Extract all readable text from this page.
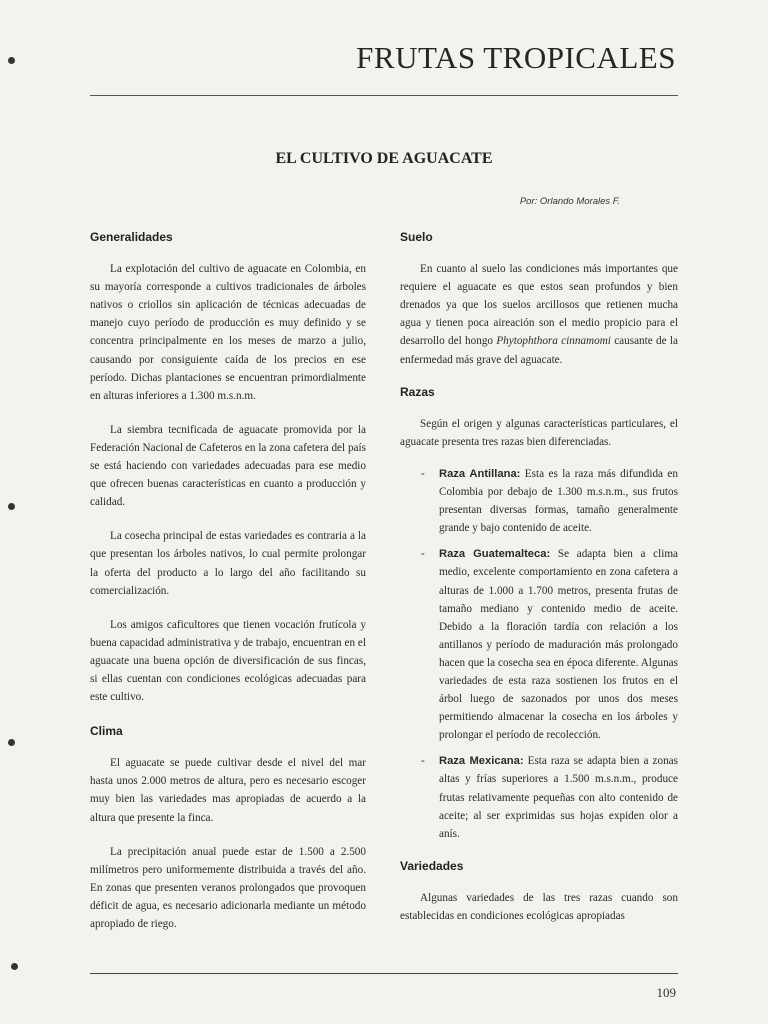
FRUTAS TROPICALES
EL CULTIVO DE AGUACATE
Por: Orlando Morales F.
Generalidades

La explotación del cultivo de aguacate en Colombia, en su mayoría corresponde a cultivos tradicionales de árboles nativos o criollos sin aplicación de técnicas adecuadas de manejo cuyo período de producción es muy definido y se concentra principalmente en los meses de marzo a julio, causando por consiguiente caída de los precios en ese período. Dichas plantaciones se encuentran primordialmente en alturas inferiores a 1.300 m.s.n.m.

La siembra tecnificada de aguacate promovida por la Federación Nacional de Cafeteros en la zona cafetera del país se está haciendo con variedades adecuadas para ese medio que ofrecen buenas características en cuanto a producción y calidad.

La cosecha principal de estas variedades es contraria a la que presentan los árboles nativos, lo cual permite prolongar la oferta del producto a lo largo del año facilitando su comercialización.

Los amigos caficultores que tienen vocación frutícola y buena capacidad administrativa y de trabajo, encuentran en el aguacate una buena opción de diversificación de sus fincas, si ellas cuentan con condiciones ecológicas adecuadas para este cultivo.

Clima

El aguacate se puede cultivar desde el nivel del mar hasta unos 2.000 metros de altura, pero es necesario escoger muy bien las variedades mas apropiadas de acuerdo a la altura que presente la finca.

La precipitación anual puede estar de 1.500 a 2.500 milímetros pero uniformemente distribuida a través del año. En zonas que presenten veranos prolongados que provoquen déficit de agua, es necesario adicionarla mediante un método apropiado de riego.

Suelo

En cuanto al suelo las condiciones más importantes que requiere el aguacate es que estos sean profundos y bien drenados ya que los suelos arcillosos que retienen mucha agua y tienen poca aireación son el medio propicio para el desarrollo del hongo Phytophthora cinnamomi causante de la enfermedad más grave del aguacate.

Razas

Según el origen y algunas características particulares, el aguacate presenta tres razas bien diferenciadas.

- Raza Antillana: Esta es la raza más difundida en Colombia por debajo de 1.300 m.s.n.m., sus frutos presentan diversas formas, tamaño generalmente grande y bajo contenido de aceite.
- Raza Guatemalteca: Se adapta bien a clima medio, excelente comportamiento en zona cafetera a alturas de 1.000 a 1.700 metros, presenta frutas de tamaño mediano y contenido medio de aceite. Debido a la floración tardía con relación a los antillanos y período de maduración más prolongado hacen que la cosecha sea en época diferente. Algunas variedades de esta raza sostienen los frutos en el árbol luego de sazonados por unos dos meses permitiendo almacenar la cosecha en los árboles y prolongar el período de recolección.
- Raza Mexicana: Esta raza se adapta bien a zonas altas y frías superiores a 1.500 m.s.n.m., produce frutas relativamente pequeñas con alto contenido de aceite; al ser exprimidas sus hojas expiden olor a anís.
Variedades

Algunas variedades de las tres razas cuando son establecidas en condiciones ecológicas apropiadas

109
